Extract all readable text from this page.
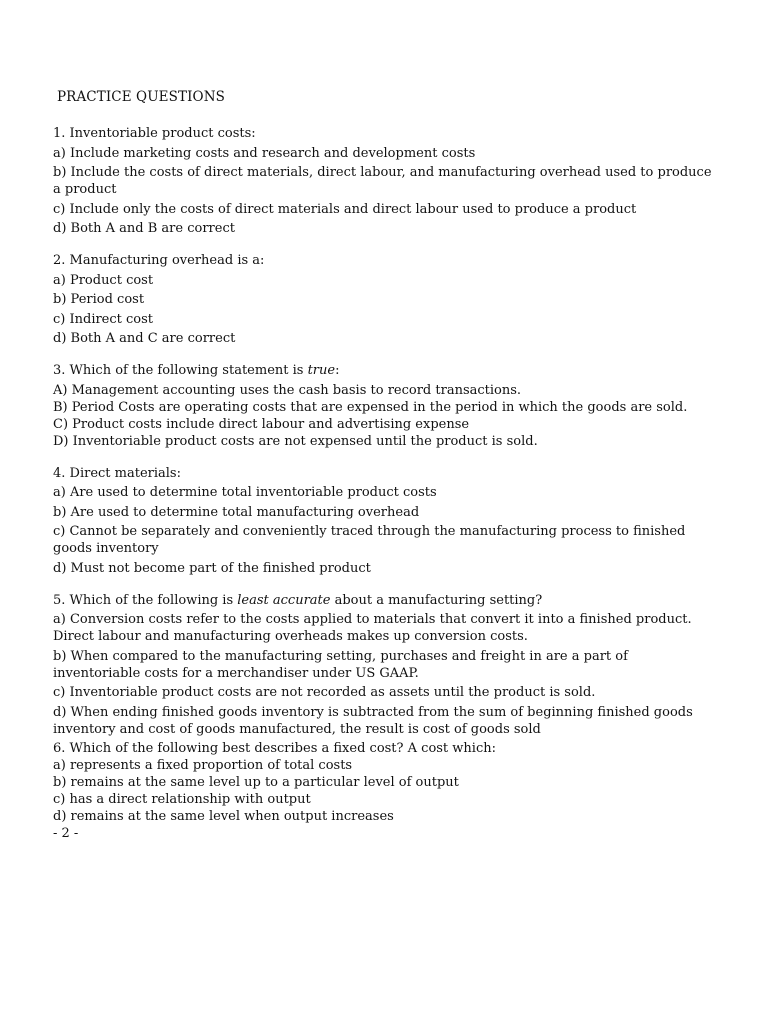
PRACTICE QUESTIONS

1. Inventoriable product costs:

a) Include marketing costs and research and development costs

b) Include the costs of direct materials, direct labour, and manufacturing overhead used to produce a product

c) Include only the costs of direct materials and direct labour used to produce a product

d) Both A and B are correct

2. Manufacturing overhead is a:

a) Product cost

b) Period cost

c) Indirect cost

d) Both A and C are correct

3. Which of the following statement is true:

A) Management accounting uses the cash basis to record transactions.

B) Period Costs are operating costs that are expensed in the period in which the goods are sold.

C) Product costs include direct labour and advertising expense

D) Inventoriable product costs are not expensed until the product is sold.

4. Direct materials:

a) Are used to determine total inventoriable product costs

b) Are used to determine total manufacturing overhead

c) Cannot be separately and conveniently traced through the manufacturing process to finished goods inventory

d) Must not become part of the finished product

5. Which of the following is least accurate about a manufacturing setting?

a) Conversion costs refer to the costs applied to materials that convert it into a finished product. Direct labour and manufacturing overheads makes up conversion costs.

b) When compared to the manufacturing setting, purchases and freight in are a part of inventoriable costs for a merchandiser under US GAAP.

c) Inventoriable product costs are not recorded as assets until the product is sold.

d) When ending finished goods inventory is subtracted from the sum of beginning finished goods inventory and cost of goods manufactured, the result is cost of goods sold

6. Which of the following best describes a fixed cost? A cost which:

a) represents a fixed proportion of total costs

b) remains at the same level up to a particular level of output

c) has a direct relationship with output

d) remains at the same level when output increases

- 2 -
